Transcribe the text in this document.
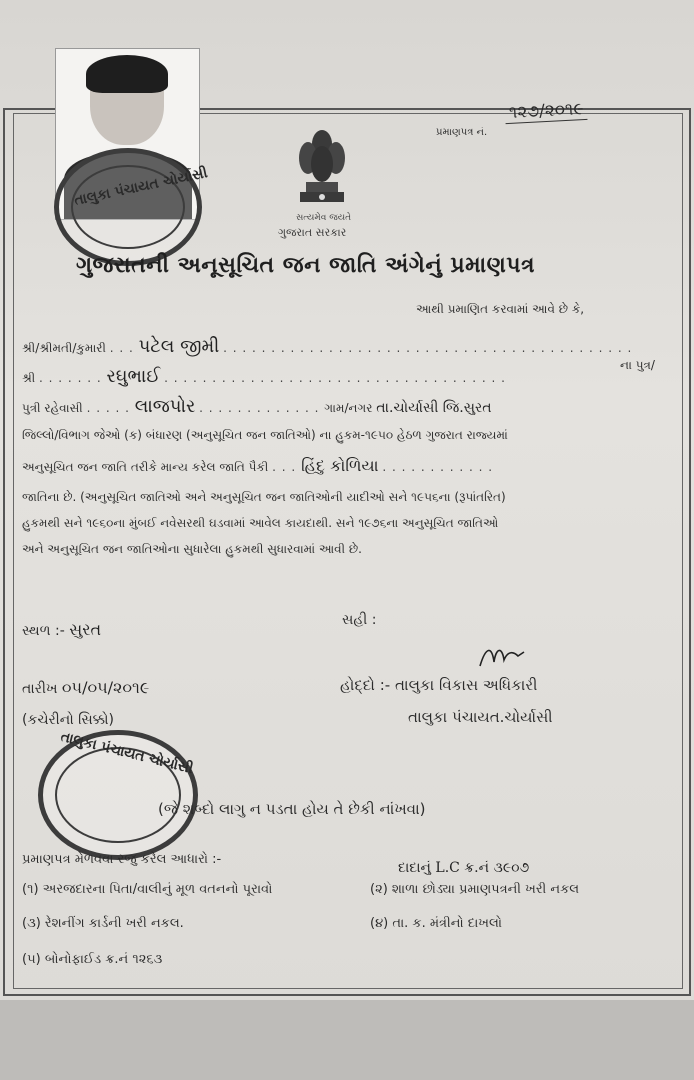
તાલુકા પંચાયત ચોર્યાસી
સત્યમેવ જયતે
ગુજરાત સરકાર
પ્રમાણપત્ર નં.
૧૨૭/૨૦૧૯
ગુજરાતની અનૂસૂચિત જન જાતિ અંગેનું પ્રમાણપત્ર
આથી પ્રમાણિત કરવામાં આવે છે કે,
શ્રી/શ્રીમતી/કુમારી . . . પટેલ જીમી . . . . . . . . . . . . . . . . . . . . . . . . . . . . . . . . . . . . . . . . . . .
શ્રી . . . . . . . રઘુભાઈ . . . . . . . . . . . . . . . . . . . . . . . . . . . . . . . . . . . .
ના પુત્ર/
પુત્રી રહેવાસી . . . . . લાજપોર . . . . . . . . . . . . . ગામ/નગર તા.ચોર્યાસી જિ.સુરત
જિલ્લો/વિભાગ જેઓ (ક) બંધારણ (અનુસૂચિત જન જાતિઓ) ના હુકમ-૧૯૫૦ હેઠળ ગુજરાત રાજ્યમાં
અનુસૂચિત જન જાતિ તરીકે માન્ય કરેલ જાતિ પૈકી . . . હિંદુ કોળિયા . . . . . . . . . . . .
જાતિના છે. (અનુસૂચિત જાતિઓ અને અનુસૂચિત જન જાતિઓની યાદીઓ સને ૧૯૫૬ના (રૂપાંતરિત)
હુકમથી સને ૧૯૬૦ના મુંબઈ નવેસરથી ઘડવામાં આવેલ કાયદાથી. સને ૧૯૭૬ના અનુસૂચિત જાતિઓ
અને અનુસૂચિત જન જાતિઓના સુધારેલા હુકમથી સુધારવામાં આવી છે.
સ્થળ :- સુરત	સહી :
તારીખ ૦૫/૦૫/૨૦૧૯	હોદ્દો :- તાલુકા વિકાસ અધિકારી
તાલુકા પંચાયત.ચોર્યાસી
(કચેરીનો સિક્કો)
તાલુકા પંચાયત ચોર્યાસી
(જે શબ્દો લાગુ ન પડતા હોય તે છેકી નાંખવા)
પ્રમાણપત્ર મેળવવા રજુ કરેલ આધારો :-
દાદાનું L.C ક્ર.નં ૩૯૦૭
(૧) અરજદારના પિતા/વાલીનું મૂળ વતનનો પૂરાવો	(૨) શાળા છોડ્યા પ્રમાણપત્રની ખરી નકલ
(૩) રેશનીંગ કાર્ડની ખરી નકલ.	(૪) તા. ક. મંત્રીનો દાખલો
(૫) બોનોફાઈડ ક્ર.નં ૧૨૬૩
